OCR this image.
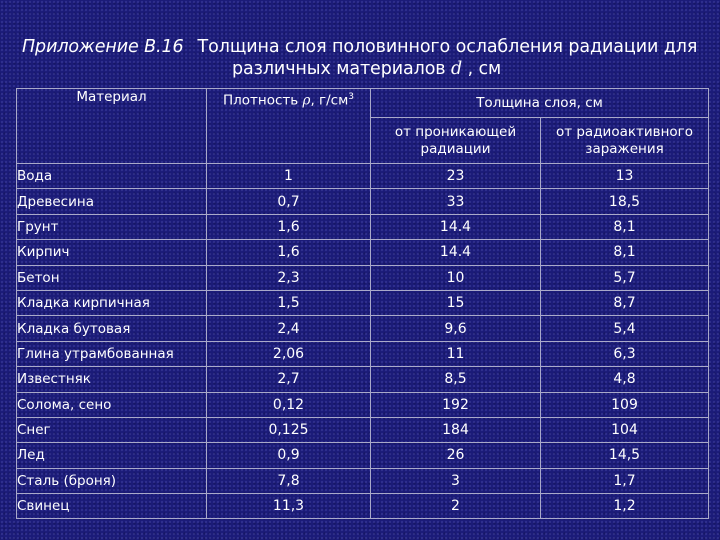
Приложение В.16 Толщина слоя половинного ослабления радиации для
различных материалов d , см
Материал	Плотность ρ, $г/см^3$	Толщина слоя, см	
		от проникающей радиации	от радиоактивного заражения
Вода	1	23	13
Древесина	0,7	33	18,5
Грунт	1,6	14.4	8,1
Кирпич	1,6	14.4	8,1
Бетон	2,3	10	5,7
Кладка кирпичная	1,5	15	8,7
Кладка бутовая	2,4	9,6	5,4
Глина утрамбованная	2,06	11	6,3
Известняк	2,7	8,5	4,8
Солома, сено	0,12	192	109
Снег	0,125	184	104
Лед	0,9	26	14,5
Сталь (броня)	7,8	3	1,7
Свинец	11,3	2	1,2
